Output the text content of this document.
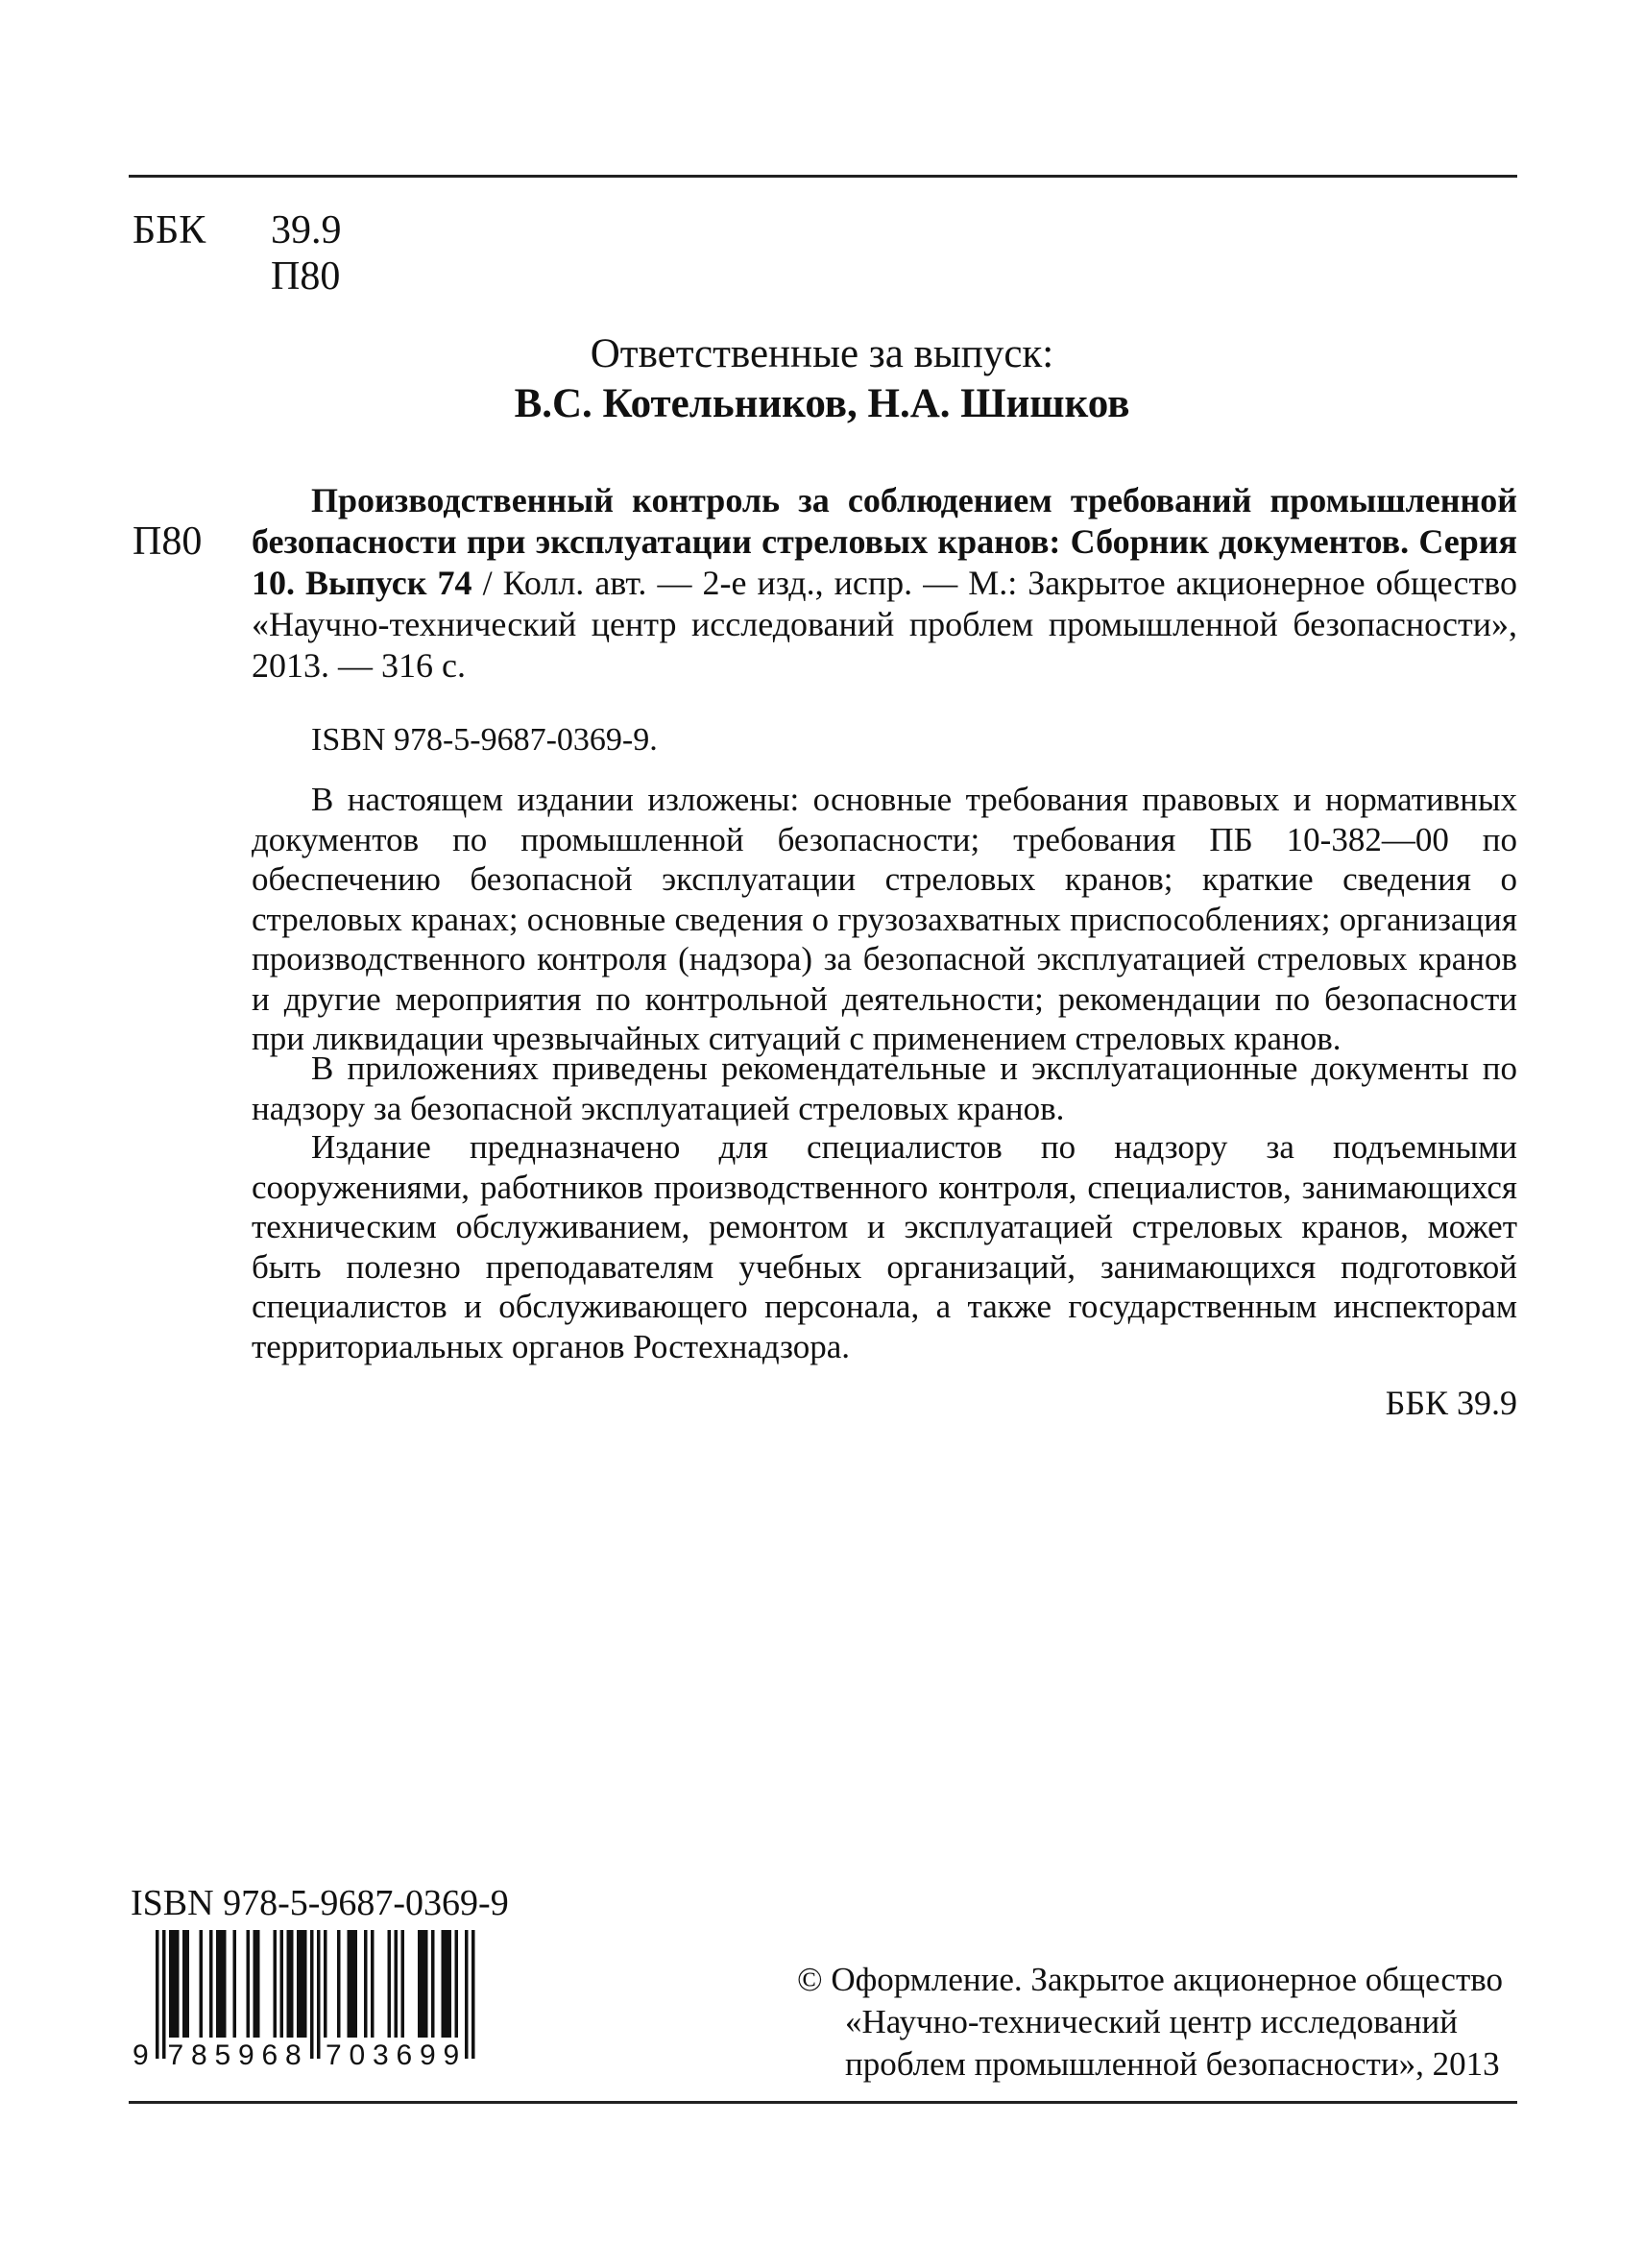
ББК 39.9
П80
Ответственные за выпуск:
В.С. Котельников, Н.А. Шишков
П80

Производственный контроль за соблюдением требований промышленной безопасности при эксплуатации стреловых кранов: Сборник документов. Серия 10. Выпуск 74 / Колл. авт. — 2-е изд., испр. — М.: Закрытое акционерное общество «Научно-технический центр исследований проблем промышленной безопасности», 2013. — 316 с.

ISBN 978-5-9687-0369-9.

В настоящем издании изложены: основные требования правовых и нормативных документов по промышленной безопасности; требования ПБ 10-382—00 по обеспечению безопасной эксплуатации стреловых кранов; краткие сведения о стреловых кранах; основные сведения о грузозахватных приспособлениях; организация производственного контроля (надзора) за безопасной эксплуатацией стреловых кранов и другие мероприятия по контрольной деятельности; рекомендации по безопасности при ликвидации чрезвычайных ситуаций с применением стреловых кранов.

В приложениях приведены рекомендательные и эксплуатационные документы по надзору за безопасной эксплуатацией стреловых кранов.

Издание предназначено для специалистов по надзору за подъемными сооружениями, работников производственного контроля, специалистов, занимающихся техническим обслуживанием, ремонтом и эксплуатацией стреловых кранов, может быть полезно преподавателям учебных организаций, занимающихся подготовкой специалистов и обслуживающего персонала, а также государственным инспекторам территориальных органов Ростехнадзора.

ББК 39.9
ISBN 978-5-9687-0369-9
9 7 8 5 9 6 8 7 0 3 6 9 9

© Оформление. Закрытое акционерное общество
«Научно-технический центр исследований
проблем промышленной безопасности», 2013
